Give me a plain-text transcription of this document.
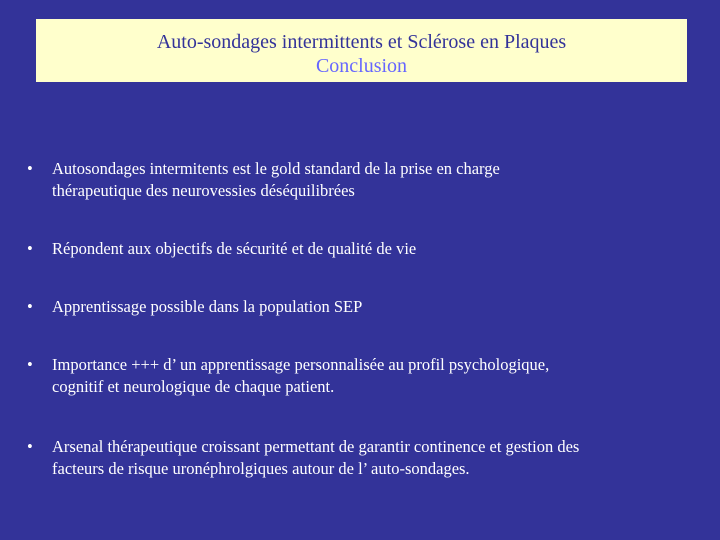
Auto-sondages intermittents et Sclérose en Plaques
Conclusion
• Autosondages intermitents est le gold standard de la prise en charge
thérapeutique des neurovessies déséquilibrées
• Répondent aux objectifs de sécurité et de qualité de vie
• Apprentissage possible dans la population SEP
• Importance +++ d’ un apprentissage personnalisée au profil psychologique,
cognitif et neurologique de chaque patient.
• Arsenal thérapeutique croissant permettant de garantir continence et gestion des
facteurs de risque uronéphrolgiques autour de l’ auto-sondages.
